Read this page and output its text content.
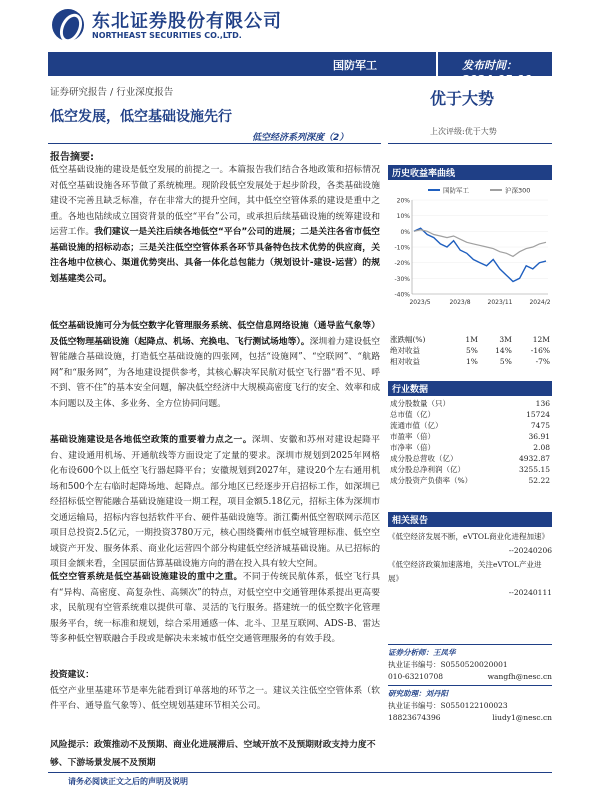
东北证券股份有限公司
NORTHEAST SECURITIES CO.,LTD.
国防军工	发布时间：2024-05-11
证券研究报告 / 行业深度报告
低空发展，低空基础设施先行
低空经济系列深度（2）
优于大势
上次评级:优于大势
报告摘要:
低空基础设施的建设是低空发展的前提之一。本篇报告我们结合各地政策和招标情况对低空基础设施各环节做了系统梳理。现阶段低空发展处于起步阶段，各类基础设施建设不完善且缺乏标准，存在非常大的提升空间，其中低空空管体系的建设是重中之重。各地也陆续成立国资背景的低空“平台”公司，或承担后续基础设施的统筹建设和运营工作。我们建议一是关注后续各地低空“平台”公司的进展；二是关注各省市低空基础设施的招标动态；三是关注低空空管体系各环节具备特色技术优势的供应商，关注各地中位核心、渠道优势突出、具备一体化总包能力（规划设计-建设-运营）的规划基建类公司。
低空基础设施可分为低空数字化管理服务系统、低空信息网络设施（通导监气象等）及低空物理基础设施（起降点、机场、充换电、飞行测试场地等）。深圳着力建设低空智能融合基础设施，打造低空基础设施的四张网，包括“设施网”、“空联网”、“航路网”和“服务网”，为各地建设提供参考，其核心解决军民航对低空飞行器“看不见、呼不到、管不住”的基本安全问题，解决低空经济中大规模高密度飞行的安全、效率和成本问题以及主体、多业务、全方位协同问题。
基础设施建设是各地低空政策的重要着力点之一。深圳、安徽和苏州对建设起降平台、建设通用机场、开通航线等方面设定了定量的要求。深圳市规划到2025年网格化布设600个以上低空飞行器起降平台；安徽规划到2027年，建设20个左右通用机场和500个左右临时起降场地、起降点。部分地区已经逐步开启招标工作，如深圳已经招标低空智能融合基础设施建设一期工程，项目金额5.18亿元，招标主体为深圳市交通运输局，招标内容包括软件平台、硬件基础设施等。浙江衢州低空智联网示范区项目总投资2.5亿元，一期投资3780万元，核心围绕衢州市低空城管理标准、低空空域资产开发、服务体系、商业化运营四个部分构建低空经济城基础设施。从已招标的项目金额来看，全国层面估算基础设施方向的潜在投入具有较大空间。
低空空管系统是低空基础设施建设的重中之重。不同于传统民航体系，低空飞行具有“异构、高密度、高复杂性、高频次”的特点，对低空空中交通管理体系提出更高要求，民航现有空管系统难以提供可靠、灵活的飞行服务。搭建统一的低空数字化管理服务平台，统一标准和规划，综合采用通感一体、北斗、卫星互联网、ADS-B、雷达等多种低空智联融合手段或是解决未来城市低空交通管理服务的有效手段。
投资建议：
低空产业里基建环节是率先能看到订单落地的环节之一。建议关注低空空管体系（软件平台、通导监气象等）、低空规划基建环节相关公司。
风险提示：政策推动不及预期、商业化进展滞后、空域开放不及预期财政支持力度不够、下游场景发展不及预期
历史收益率曲线
20%
10%
0%
-10%
-20%
-30%
-40%
2023/5	2023/8	2023/11	2024/2
国防军工	沪深300
涨跌幅(%)	1M	3M	12M
绝对收益	5%	14%	-16%
相对收益	1%	5%	-7%
行业数据
成分股数量（只）	136
总市值（亿）	15724
流通市值（亿）	7475
市盈率（倍）	36.91
市净率（倍）	2.08
成分股总营收（亿）	4932.87
成分股总净利润（亿）	3255.15
成分股资产负债率（%）	52.22
相关报告
《低空经济发展不断，eVTOL商业化进程加速》
--20240206
《低空经济政策加速落地，关注eVTOL产业进展》
--20240111
证券分析师：王凤华
执业证书编号：S0550520020001
010-63210708	wangfh@nesc.cn
研究助理：刘丹阳
执业证书编号：S0550122100023
18823674396	liudy1@nesc.cn
请务必阅读正文之后的声明及说明
